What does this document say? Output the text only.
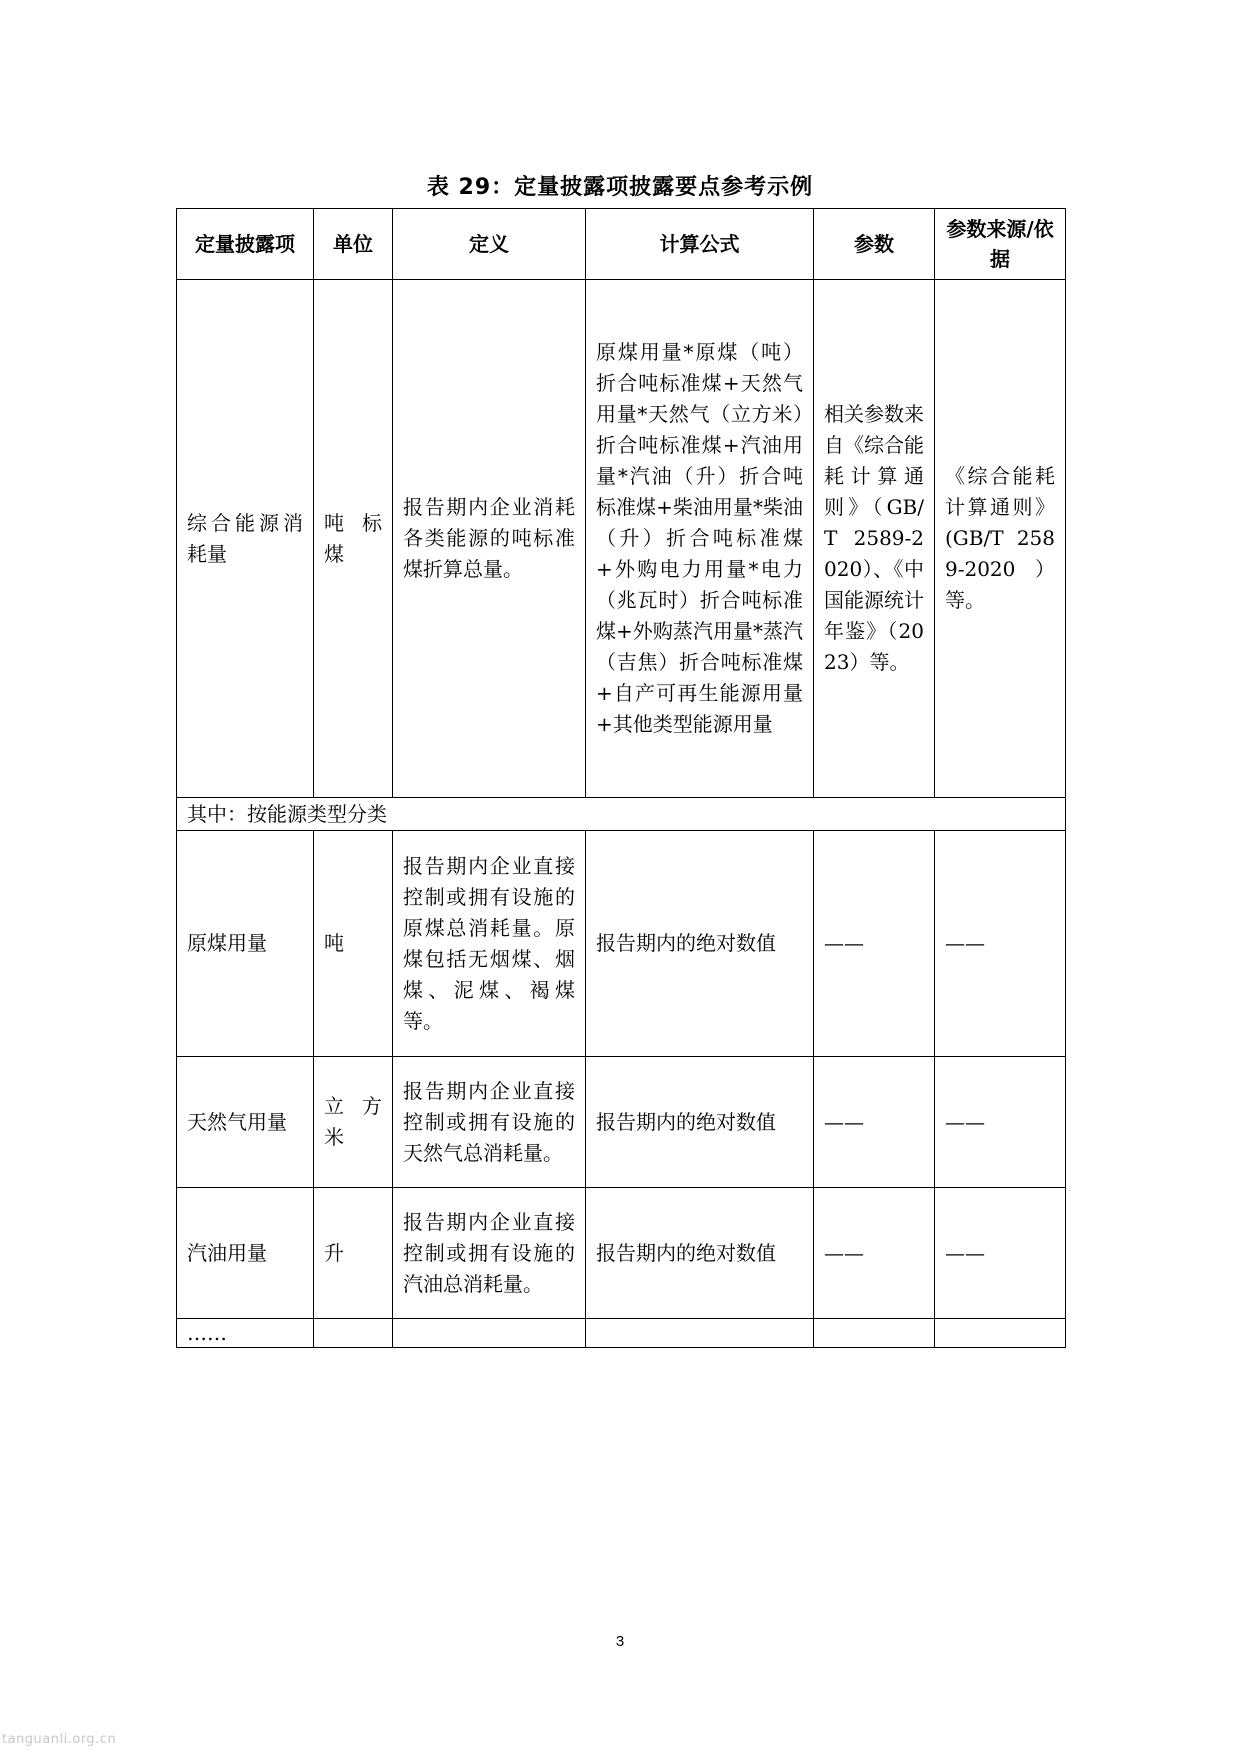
表 29：定量披露项披露要点参考示例
定量披露项	单位	定义	计算公式	参数	参数来源/依据
综合能源消耗量	吨标煤	报告期内企业消耗各类能源的吨标准煤折算总量。	原煤用量*原煤（吨）折合吨标准煤+天然气用量*天然气（立方米）折合吨标准煤+汽油用量*汽油（升）折合吨标准煤+柴油用量*柴油（升）折合吨标准煤+外购电力用量*电力（兆瓦时）折合吨标准煤+外购蒸汽用量*蒸汽（吉焦）折合吨标准煤+自产可再生能源用量+其他类型能源用量	相关参数来自《综合能耗计算通则》（GB/T 2589-2020）、《中国能源统计年鉴》（2023）等。	《综合能耗计算通则》(GB/T 2589-2020）等。
其中：按能源类型分类					
原煤用量	吨	报告期内企业直接控制或拥有设施的原煤总消耗量。原煤包括无烟煤、烟煤、泥煤、褐煤等。	报告期内的绝对数值	——	——
天然气用量	立方米	报告期内企业直接控制或拥有设施的天然气总消耗量。	报告期内的绝对数值	——	——
汽油用量	升	报告期内企业直接控制或拥有设施的汽油总消耗量。	报告期内的绝对数值	——	——
……					
3
tanguanli.org.cn
